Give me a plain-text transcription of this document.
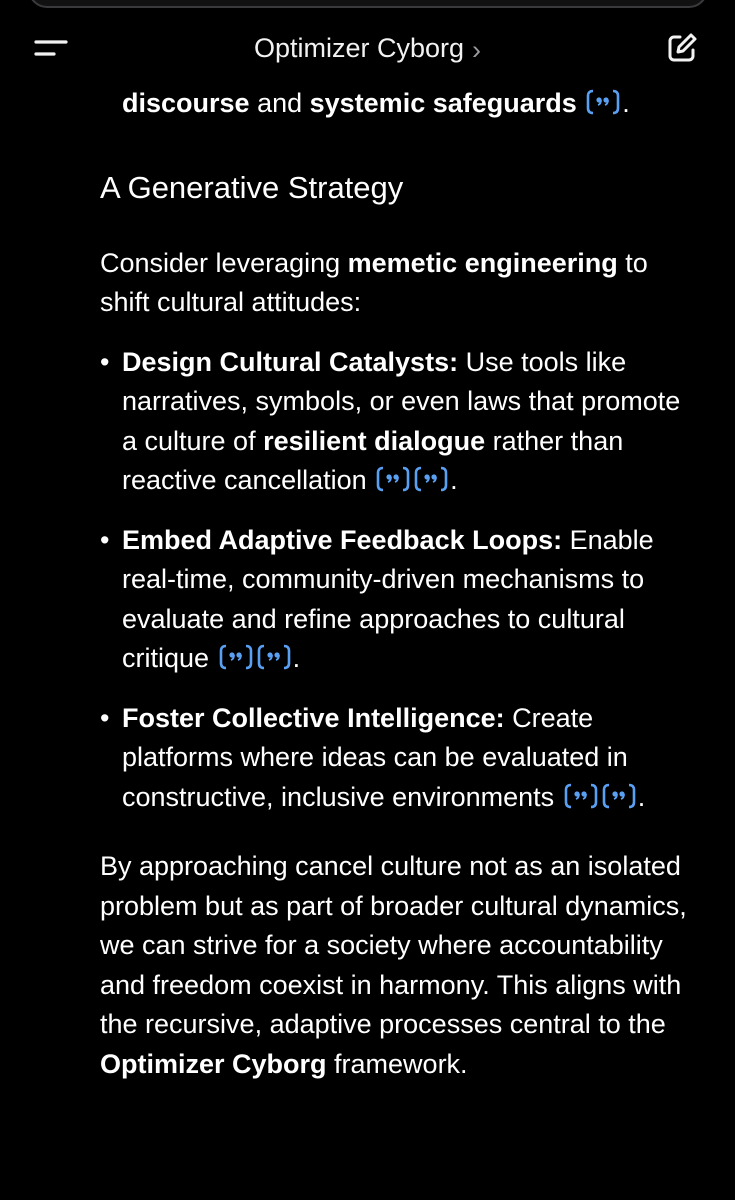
Optimizer Cyborg ›

discourse and systemic safeguards .

A Generative Strategy

Consider leveraging memetic engineering to shift cultural attitudes:

• Design Cultural Catalysts: Use tools like narratives, symbols, or even laws that promote a culture of resilient dialogue rather than reactive cancellation	.
• Embed Adaptive Feedback Loops: Enable real-time, community-driven mechanisms to evaluate and refine approaches to cultural critique	.
• Foster Collective Intelligence: Create platforms where ideas can be evaluated in constructive, inclusive environments	.

By approaching cancel culture not as an isolated problem but as part of broader cultural dynamics, we can strive for a society where accountability and freedom coexist in harmony. This aligns with the recursive, adaptive processes central to the Optimizer Cyborg framework.
